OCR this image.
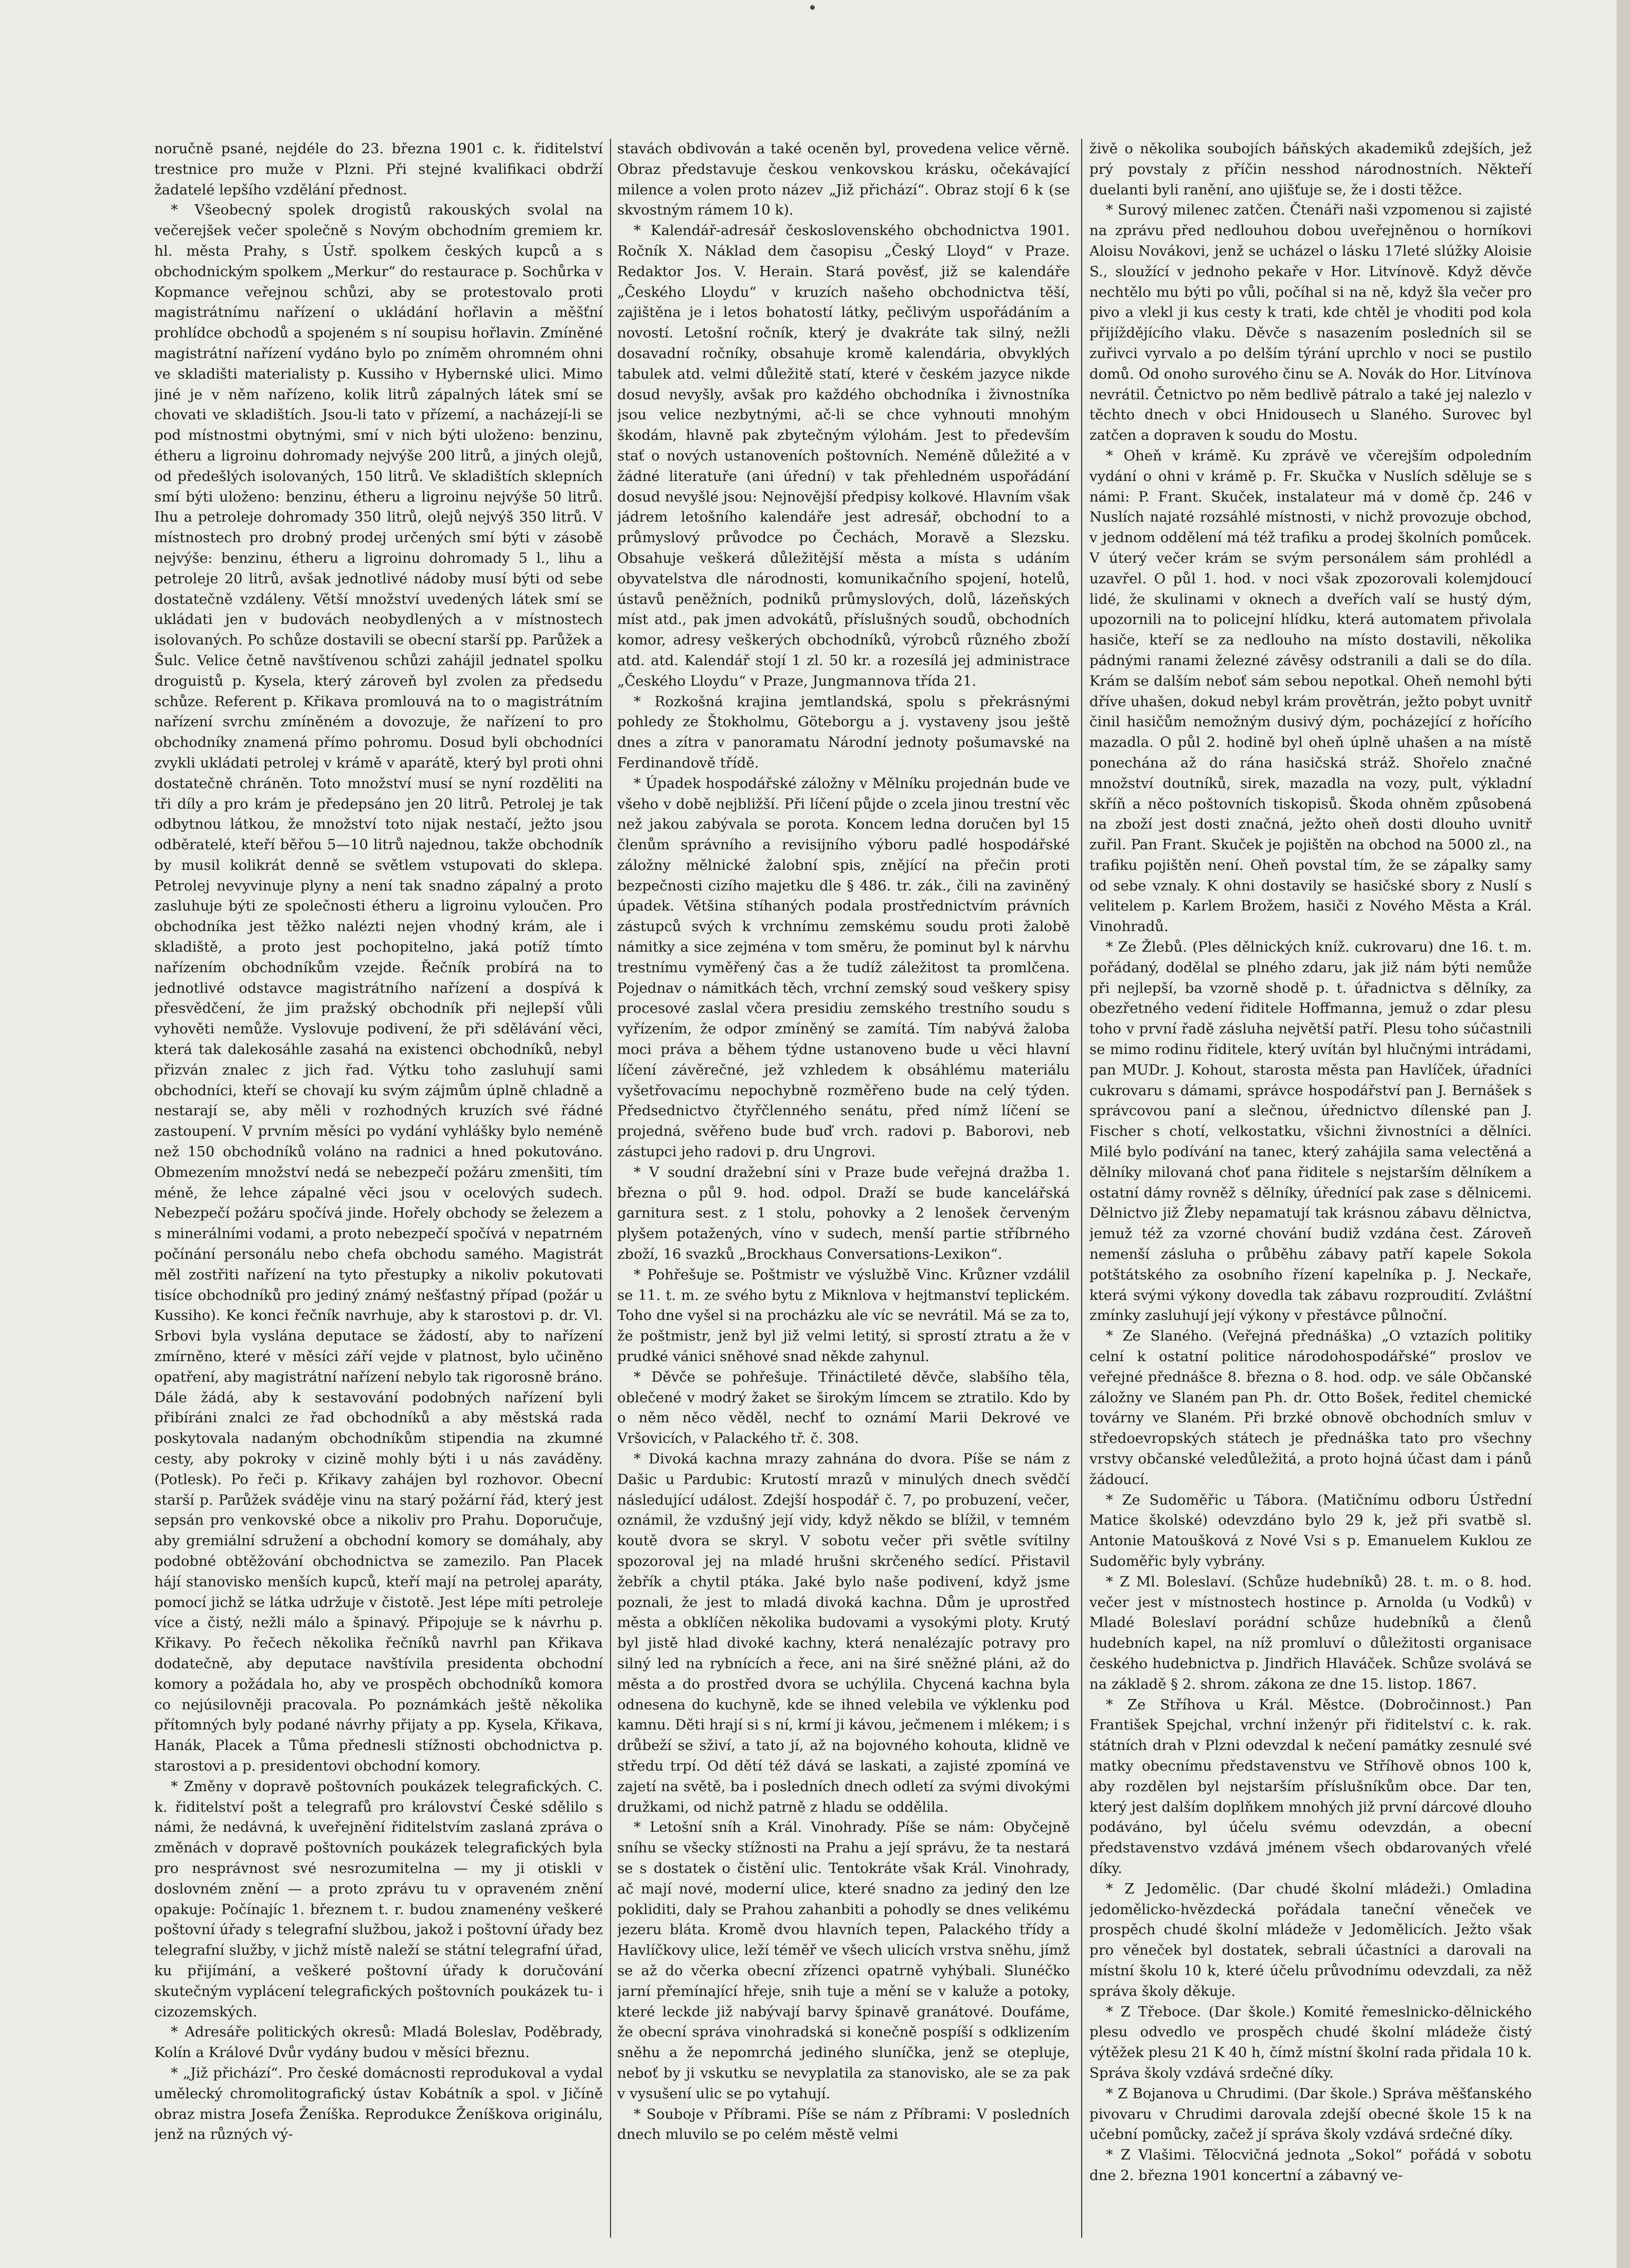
noručně psané, nejdéle do 23. března 1901 c. k. řiditelství trestnice pro muže v Plzni. Při stejné kvalifikaci obdrží žadatelé lepšího vzdělání přednost.

* Všeobecný spolek drogistů rakouských svolal na večerejšek večer společně s Novým obchodním gremiem kr. hl. města Prahy, s Ústř. spolkem českých kupců a s obchodnickým spolkem „Merkur“ do restaurace p. Sochůrka v Kopmance veřejnou schůzi, aby se protestovalo proti magistrátnímu nařízení o ukládání hořlavin a měšťní prohlídce obchodů a spojeném s ní soupisu hořlavin. Zmíněné magistrátní nařízení vydáno bylo po zníměm ohromném ohni ve skladišti materialisty p. Kussiho v Hybernské ulici. Mimo jiné je v něm nařízeno, kolik litrů zápalných látek smí se chovati ve skladištích. Jsou-li tato v přízemí, a nacházejí-li se pod místnostmi obytnými, smí v nich býti uloženo: benzinu, étheru a ligroinu dohromady nejvýše 200 litrů, a jiných olejů, od předešlých isolovaných, 150 litrů. Ve skladištích sklepních smí býti uloženo: benzinu, étheru a ligroinu nejvýše 50 litrů. Ihu a petroleje dohromady 350 litrů, olejů nejvýš 350 litrů. V místnostech pro drobný prodej určených smí býti v zásobě nejvýše: benzinu, étheru a ligroinu dohromady 5 l., lihu a petroleje 20 litrů, avšak jednotlivé nádoby musí býti od sebe dostatečně vzdáleny. Větší množství uvedených látek smí se ukládati jen v budovách neobydlených a v místnostech isolovaných. Po schůze dostavili se obecní starší pp. Parůžek a Šulc. Velice četně navštívenou schůzi zahájil jednatel spolku droguistů p. Kysela, který zároveň byl zvolen za předsedu schůze. Referent p. Křikava promlouvá na to o magistrátním nařízení svrchu zmíněném a dovozuje, že nařízení to pro obchodníky znamená přímo pohromu. Dosud byli obchodníci zvykli ukládati petrolej v krámě v aparátě, který byl proti ohni dostatečně chráněn. Toto množství musí se nyní rozděliti na tři díly a pro krám je předepsáno jen 20 litrů. Petrolej je tak odbytnou látkou, že množství toto nijak nestačí, ježto jsou odběratelé, kteří běřou 5—10 litrů najednou, takže obchodník by musil kolikrát denně se světlem vstupovati do sklepa. Petrolej nevyvinuje plyny a není tak snadno zápalný a proto zasluhuje býti ze společnosti étheru a ligroinu vyloučen. Pro obchodníka jest těžko nalézti nejen vhodný krám, ale i skladiště, a proto jest pochopitelno, jaká potíž tímto nařízením obchodníkům vzejde. Řečník probírá na to jednotlivé odstavce magistrátního nařízení a dospívá k přesvědčení, že jim pražský obchodník při nejlepší vůli vyhověti nemůže. Vyslovuje podivení, že při sdělávání věci, která tak dalekosáhle zasahá na existenci obchodníků, nebyl přizván znalec z jich řad. Výtku toho zasluhují sami obchodníci, kteří se chovají ku svým zájmům úplně chladně a nestarají se, aby měli v rozhodných kruzích své řádné zastoupení. V prvním měsíci po vydání vyhlášky bylo neméně než 150 obchodníků voláno na radnici a hned pokutováno. Obmezením množství nedá se nebezpečí požáru zmenšiti, tím méně, že lehce zápalné věci jsou v ocelových sudech. Nebezpečí požáru spočívá jinde. Hořely obchody se železem a s minerálními vodami, a proto nebezpečí spočívá v nepatrném počínání personálu nebo chefa obchodu samého. Magistrát měl zostřiti nařízení na tyto přestupky a nikoliv pokutovati tisíce obchodníků pro jediný známý nešťastný případ (požár u Kussiho). Ke konci řečník navrhuje, aby k starostovi p. dr. Vl. Srbovi byla vyslána deputace se žádostí, aby to nařízení zmírněno, které v měsíci září vejde v platnost, bylo učiněno opatření, aby magistrátní nařízení nebylo tak rigorosně bráno. Dále žádá, aby k sestavování podobných nařízení byli přibíráni znalci ze řad obchodníků a aby městská rada poskytovala nadaným obchodníkům stipendia na zkumné cesty, aby pokroky v cizině mohly býti i u nás zaváděny. (Potlesk). Po řeči p. Křikavy zahájen byl rozhovor. Obecní starší p. Parůžek sváděje vinu na starý požární řád, který jest sepsán pro venkovské obce a nikoliv pro Prahu. Doporučuje, aby gremiální sdružení a obchodní komory se domáhaly, aby podobné obtěžování obchodnictva se zamezilo. Pan Placek hájí stanovisko menších kupců, kteří mají na petrolej aparáty, pomocí jichž se látka udržuje v čistotě. Jest lépe míti petroleje více a čistý, nežli málo a špinavý. Připojuje se k návrhu p. Křikavy. Po řečech několika řečníků navrhl pan Křikava dodatečně, aby deputace navštívila presidenta obchodní komory a požádala ho, aby ve prospěch obchodníků komora co nejúsilovněji pracovala. Po poznámkách ještě několika přítomných byly podané návrhy přijaty a pp. Kysela, Křikava, Hanák, Placek a Tůma přednesli stížnosti obchodnictva p. starostovi a p. presidentovi obchodní komory.

* Změny v dopravě poštovních poukázek telegrafických. C. k. řiditelství pošt a telegrafů pro království České sdělilo s námi, že nedávná, k uveřejnění řiditelstvím zaslaná zpráva o změnách v dopravě poštovních poukázek telegrafických byla pro nesprávnost své nesrozumitelna — my ji otiskli v doslovném znění — a proto zprávu tu v opraveném znění opakuje: Počínajíc 1. březnem t. r. budou znamenény veškeré poštovní úřady s telegrafní službou, jakož i poštovní úřady bez telegrafní služby, v jichž místě naleží se státní telegrafní úřad, ku přijímání, a veškeré poštovní úřady k doručování skutečným vyplácení telegrafických poštovních poukázek tu- i cizozemských.

* Adresáře politických okresů: Mladá Boleslav, Poděbrady, Kolín a Králové Dvůr vydány budou v měsíci březnu.

* „Již přichází“. Pro české domácnosti reprodukoval a vydal umělecký chromolitografický ústav Kobátník a spol. v Jičíně obraz mistra Josefa Ženíška. Reprodukce Ženíškova originálu, jenž na různých vý-

stavách obdivován a také oceněn byl, provedena velice věrně. Obraz představuje českou venkovskou krásku, očekávající milence a volen proto název „Již přichází“. Obraz stojí 6 k (se skvostným rámem 10 k).

* Kalendář-adresář československého obchodnictva 1901. Ročník X. Náklad dem časopisu „Český Lloyd“ v Praze. Redaktor Jos. V. Herain. Stará pověsť, již se kalendáře „Českého Lloydu“ v kruzích našeho obchodnictva těší, zajištěna je i letos bohatostí látky, pečlivým uspořádáním a novostí. Letošní ročník, který je dvakráte tak silný, nežli dosavadní ročníky, obsahuje kromě kalendária, obvyklých tabulek atd. velmi důležitě statí, které v českém jazyce nikde dosud nevyšly, avšak pro každého obchodníka i živnostníka jsou velice nezbytnými, ač-li se chce vyhnouti mnohým škodám, hlavně pak zbytečným výlohám. Jest to především stať o nových ustanoveních poštovních. Neméně důležité a v žádné literatuře (ani úřední) v tak přehledném uspořádání dosud nevyšlé jsou: Nejnovější předpisy kolkové. Hlavním však jádrem letošního kalendáře jest adresář, obchodní to a průmyslový průvodce po Čechách, Moravě a Slezsku. Obsahuje veškerá důležitější města a místa s udáním obyvatelstva dle národnosti, komunikačního spojení, hotelů, ústavů peněžních, podniků průmyslových, dolů, lázeňských míst atd., pak jmen advokátů, příslušných soudů, obchodních komor, adresy veškerých obchodníků, výrobců různého zboží atd. atd. Kalendář stojí 1 zl. 50 kr. a rozesílá jej administrace „Českého Lloydu“ v Praze, Jungmannova třída 21.

* Rozkošná krajina jemtlandská, spolu s překrásnými pohledy ze Štokholmu, Göteborgu a j. vystaveny jsou ještě dnes a zítra v panoramatu Národní jednoty pošumavské na Ferdinandově třídě.

* Úpadek hospodářské záložny v Mělníku projednán bude ve všeho v době nejbližší. Při líčení půjde o zcela jinou trestní věc než jakou zabývala se porota. Koncem ledna doručen byl 15 členům správního a revisijního výboru padlé hospodářské záložny mělnické žalobní spis, znějící na přečin proti bezpečnosti cizího majetku dle § 486. tr. zák., čili na zaviněný úpadek. Většina stíhaných podala prostřednictvím právních zástupců svých k vrchnímu zemskému soudu proti žalobě námitky a sice zejména v tom směru, že pominut byl k nárvhu trestnímu vyměřený čas a že tudíž záležitost ta promlčena. Pojednav o námitkách těch, vrchní zemský soud veškery spisy procesové zaslal včera presidiu zemského trestního soudu s vyřízením, že odpor zmíněný se zamítá. Tím nabývá žaloba moci práva a během týdne ustanoveno bude u věci hlavní líčení závěrečné, jež vzhledem k obsáhlému materiálu vyšetřovacímu nepochybně rozměřeno bude na celý týden. Předsednictvo čtyřčlenného senátu, před nímž líčení se projedná, svěřeno bude buď vrch. radovi p. Baborovi, neb zástupci jeho radovi p. dru Ungrovi.

* V soudní dražební síni v Praze bude veřejná dražba 1. března o půl 9. hod. odpol. Draží se bude kancelářská garnitura sest. z 1 stolu, pohovky a 2 lenošek červeným plyšem potažených, víno v sudech, menší partie stříbrného zboží, 16 svazků „Brockhaus Conversations-Lexikon“.

* Pohřešuje se. Poštmistr ve výslužbě Vinc. Krůzner vzdálil se 11. t. m. ze svého bytu z Miknlova v hejtmanství teplickém. Toho dne vyšel si na procházku ale víc se nevrátil. Má se za to, že poštmistr, jenž byl již velmi letitý, si sprostí ztratu a že v prudké vánici sněhové snad někde zahynul.

* Děvče se pohřešuje. Třináctileté děvče, slabšího těla, oblečené v modrý žaket se širokým límcem se ztratilo. Kdo by o něm něco věděl, nechť to oznámí Marii Dekrové ve Vršovicích, v Palackého tř. č. 308.

* Divoká kachna mrazy zahnána do dvora. Píše se nám z Dašic u Pardubic: Krutostí mrazů v minulých dnech svědčí následující událost. Zdejší hospodář č. 7, po probuzení, večer, oznámil, že vzdušný její vidy, když někdo se blížil, v temném koutě dvora se skryl. V sobotu večer při světle svítilny spozoroval jej na mladé hrušni skrčeného sedící. Přistavil žebřík a chytil ptáka. Jaké bylo naše podivení, když jsme poznali, že jest to mladá divoká kachna. Dům je uprostřed města a obklíčen několika budovami a vysokými ploty. Krutý byl jistě hlad divoké kachny, která nenalézajíc potravy pro silný led na rybnících a řece, ani na širé sněžné pláni, až do města a do prostřed dvora se uchýlila. Chycená kachna byla odnesena do kuchyně, kde se ihned velebila ve výklenku pod kamnu. Děti hrají si s ní, krmí ji kávou, ječmenem i mlékem; i s drůbeží se sživí, a tato jí, až na bojovného kohouta, klidně ve středu trpí. Od dětí též dává se laskati, a zajisté zpomíná ve zajetí na světě, ba i posledních dnech odletí za svými divokými družkami, od nichž patrně z hladu se oddělila.

* Letošní sníh a Král. Vinohrady. Píše se nám: Obyčejně sníhu se všecky stížnosti na Prahu a její správu, že ta nestará se s dostatek o čistění ulic. Tentokráte však Král. Vinohrady, ač mají nové, moderní ulice, které snadno za jediný den lze pokliditi, daly se Prahou zahanbiti a pohodly se dnes velikému jezeru bláta. Kromě dvou hlavních tepen, Palackého třídy a Havlíčkovy ulice, leží téměř ve všech ulicích vrstva sněhu, jímž se až do včerka obecní zřízenci opatrně vyhýbali. Slunéčko jarní přemínající hřeje, snih tuje a mění se v kaluže a potoky, které leckde již nabývají barvy špinavě granátové. Doufáme, že obecní správa vinohradská si konečně pospíší s odklizením sněhu a že nepomrchá jediného sluníčka, jenž se otepluje, neboť by ji vskutku se nevyplatila za stanovisko, ale se za pak v vysušení ulic se po vytahují.

* Souboje v Příbrami. Píše se nám z Příbrami: V posledních dnech mluvilo se po celém městě velmi

živě o několika soubojích báňských akademiků zdejších, jež prý povstaly z příčin nesshod národnostních. Někteří duelanti byli ranění, ano ujišťuje se, že i dosti těžce.

* Surový milenec zatčen. Čtenáři naši vzpomenou si zajisté na zprávu před nedlouhou dobou uveřejněnou o horníkovi Aloisu Novákovi, jenž se ucházel o lásku 17leté slúžky Aloisie S., sloužící v jednoho pekaře v Hor. Litvínově. Když děvče nechtělo mu býti po vůli, počíhal si na ně, když šla večer pro pivo a vlekl ji kus cesty k trati, kde chtěl je vhoditi pod kola přijíždějícího vlaku. Děvče s nasazením posledních sil se zuřivci vyrvalo a po delším týrání uprchlo v noci se pustilo domů. Od onoho surového činu se A. Novák do Hor. Litvínova nevrátil. Četnictvo po něm bedlivě pátralo a také jej nalezlo v těchto dnech v obci Hnidousech u Slaného. Surovec byl zatčen a dopraven k soudu do Mostu.

* Oheň v krámě. Ku zprávě ve včerejším odpoledním vydání o ohni v krámě p. Fr. Skučka v Nuslích sděluje se s námi: P. Frant. Skuček, instalateur má v domě čp. 246 v Nuslích najaté rozsáhlé místnosti, v nichž provozuje obchod, v jednom oddělení má též trafiku a prodej školních pomůcek. V úterý večer krám se svým personálem sám prohlédl a uzavřel. O půl 1. hod. v noci však zpozorovali kolemjdoucí lidé, že skulinami v oknech a dveřích valí se hustý dým, upozornili na to policejní hlídku, která automatem přivolala hasiče, kteří se za nedlouho na místo dostavili, několika pádnými ranami železné závěsy odstranili a dali se do díla. Krám se dalším neboť sám sebou nepotkal. Oheň nemohl býti dříve uhašen, dokud nebyl krám provětrán, ježto pobyt uvnitř činil hasičům nemožným dusivý dým, pocházející z hořícího mazadla. O půl 2. hodině byl oheň úplně uhašen a na místě ponechána až do rána hasičská stráž. Shořelo značné množství doutníků, sirek, mazadla na vozy, pult, výkladní skříň a něco poštovních tiskopisů. Škoda ohněm způsobená na zboží jest dosti značná, ježto oheň dosti dlouho uvnitř zuřil. Pan Frant. Skuček je pojištěn na obchod na 5000 zl., na trafiku pojištěn není. Oheň povstal tím, že se zápalky samy od sebe vznaly. K ohni dostavily se hasičské sbory z Nuslí s velitelem p. Karlem Brožem, hasiči z Nového Města a Král. Vinohradů.

* Ze Žlebů. (Ples dělnických kníž. cukrovaru) dne 16. t. m. pořádaný, dodělal se plného zdaru, jak již nám býti nemůže při nejlepší, ba vzorně shodě p. t. úřadnictva s dělníky, za obezřetného vedení řiditele Hoffmanna, jemuž o zdar plesu toho v první řadě zásluha největší patří. Plesu toho súčastnili se mimo rodinu řiditele, který uvítán byl hlučnými intrádami, pan MUDr. J. Kohout, starosta města pan Havlíček, úřadníci cukrovaru s dámami, správce hospodářství pan J. Bernášek s správcovou paní a slečnou, úřednictvo dílenské pan J. Fischer s chotí, velkostatku, všichni živnostníci a dělníci. Milé bylo podívání na tanec, který zahájila sama velectěná a dělníky milovaná choť pana řiditele s nejstarším dělníkem a ostatní dámy rovněž s dělníky, úřednící pak zase s dělnicemi. Dělnictvo již Žleby nepamatují tak krásnou zábavu dělnictva, jemuž též za vzorné chování budiž vzdána čest. Zároveň nemenší zásluha o průběhu zábavy patří kapele Sokola potštátského za osobního řízení kapelníka p. J. Neckaře, která svými výkony dovedla tak zábavu rozproudití. Zvláštní zmínky zasluhují její výkony v přestávce půlnoční.

* Ze Slaného. (Veřejná přednáška) „O vztazích politiky celní k ostatní politice národohospodářské“ proslov ve veřejné přednášce 8. března o 8. hod. odp. ve sále Občanské záložny ve Slaném pan Ph. dr. Otto Bošek, ředitel chemické továrny ve Slaném. Při brzké obnově obchodních smluv v středoevropských státech je přednáška tato pro všechny vrstvy občanské veledůležitá, a proto hojná účast dam i pánů žádoucí.

* Ze Sudoměřic u Tábora. (Matičnímu odboru Ústřední Matice školské) odevzdáno bylo 29 k, jež při svatbě sl. Antonie Matoušková z Nové Vsi s p. Emanuelem Kuklou ze Sudoměřic byly vybrány.

* Z Ml. Boleslaví. (Schůze hudebníků) 28. t. m. o 8. hod. večer jest v místnostech hostince p. Arnolda (u Vodků) v Mladé Boleslaví porádní schůze hudebníků a členů hudebních kapel, na níž promluví o důležitosti organisace českého hudebnictva p. Jindřich Hlaváček. Schůze svolává se na základě § 2. shrom. zákona ze dne 15. listop. 1867.

* Ze Stříhova u Král. Městce. (Dobročinnost.) Pan František Spejchal, vrchní inženýr při řiditelství c. k. rak. státních drah v Plzni odevzdal k nečení památky zesnulé své matky obecnímu představenstvu ve Stříhově obnos 100 k, aby rozdělen byl nejstarším příslušníkům obce. Dar ten, který jest dalším doplňkem mnohých již první dárcové dlouho podáváno, byl účelu svému odevzdán, a obecní představenstvo vzdává jménem všech obdarovaných vřelé díky.

* Z Jedomělic. (Dar chudé školní mládeži.) Omladina jedomělicko-hvězdecká pořádala taneční věneček ve prospěch chudé školní mládeže v Jedomělicích. Ježto však pro věneček byl dostatek, sebrali účastníci a darovali na místní školu 10 k, které účelu průvodnímu odevzdali, za něž správa školy děkuje.

* Z Třeboce. (Dar škole.) Komité řemeslnicko-dělnického plesu odvedlo ve prospěch chudé školní mládeže čistý výtěžek plesu 21 K 40 h, čímž místní školní rada přidala 10 k. Správa školy vzdává srdečné díky.

* Z Bojanova u Chrudimi. (Dar škole.) Správa měšťanského pivovaru v Chrudimi darovala zdejší obecné škole 15 k na učební pomůcky, začež jí správa školy vzdává srdečné díky.

* Z Vlašimi. Tělocvičná jednota „Sokol“ pořádá v sobotu dne 2. března 1901 koncertní a zábavný ve-
